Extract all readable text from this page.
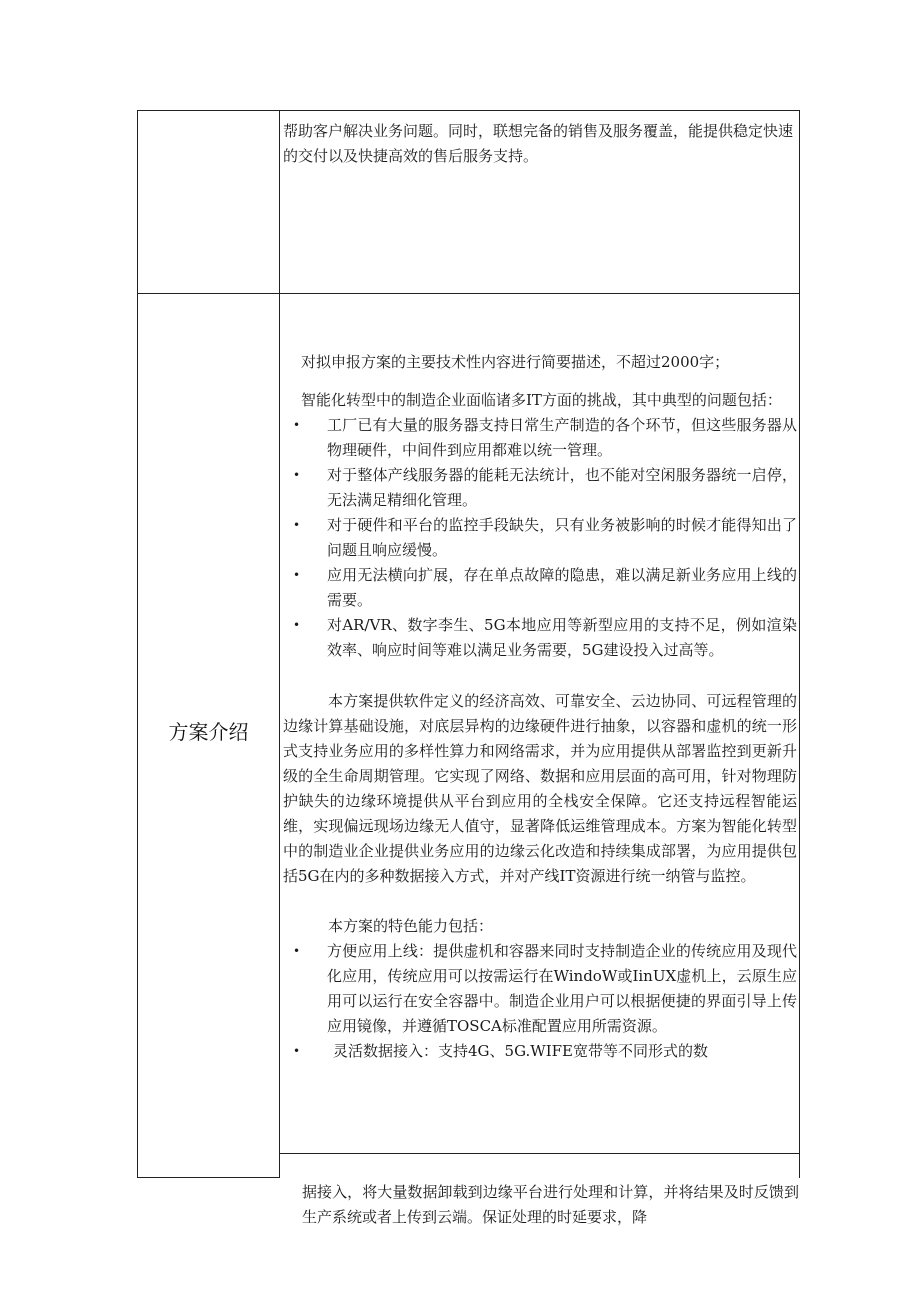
帮助客户解决业务问题。同时，联想完备的销售及服务覆盖，能提供稳定快速的交付以及快捷高效的售后服务支持。
方案介绍

对拟申报方案的主要技术性内容进行简要描述，不超过2000字；

智能化转型中的制造企业面临诸多IT方面的挑战，其中典型的问题包括：

• 工厂已有大量的服务器支持日常生产制造的各个环节，但这些服务器从物理硬件，中间件到应用都难以统一管理。
• 对于整体产线服务器的能耗无法统计，也不能对空闲服务器统一启停，无法满足精细化管理。
• 对于硬件和平台的监控手段缺失，只有业务被影响的时候才能得知出了问题且响应缓慢。
• 应用无法横向扩展，存在单点故障的隐患，难以满足新业务应用上线的需要。
• 对AR/VR、数字李生、5G本地应用等新型应用的支持不足，例如渲染效率、响应时间等难以满足业务需要，5G建设投入过高等。

本方案提供软件定义的经济高效、可靠安全、云边协同、可远程管理的边缘计算基础设施，对底层异构的边缘硬件进行抽象，以容器和虚机的统一形式支持业务应用的多样性算力和网络需求，并为应用提供从部署监控到更新升级的全生命周期管理。它实现了网络、数据和应用层面的高可用，针对物理防护缺失的边缘环境提供从平台到应用的全栈安全保障。它还支持远程智能运维，实现偏远现场边缘无人值守，显著降低运维管理成本。方案为智能化转型中的制造业企业提供业务应用的边缘云化改造和持续集成部署，为应用提供包括5G在内的多种数据接入方式，并对产线IT资源进行统一纳管与监控。

本方案的特色能力包括：

• 方便应用上线：提供虚机和容器来同时支持制造企业的传统应用及现代化应用，传统应用可以按需运行在WindoW或IinUX虚机上，云原生应用可以运行在安全容器中。制造企业用户可以根据便捷的界面引导上传应用镜像，并遵循TOSCA标准配置应用所需资源。
• 灵活数据接入：支持4G、5G.WIFE宽带等不同形式的数
据接入，将大量数据卸载到边缘平台进行处理和计算，并将结果及时反馈到生产系统或者上传到云端。保证处理的时延要求，降
